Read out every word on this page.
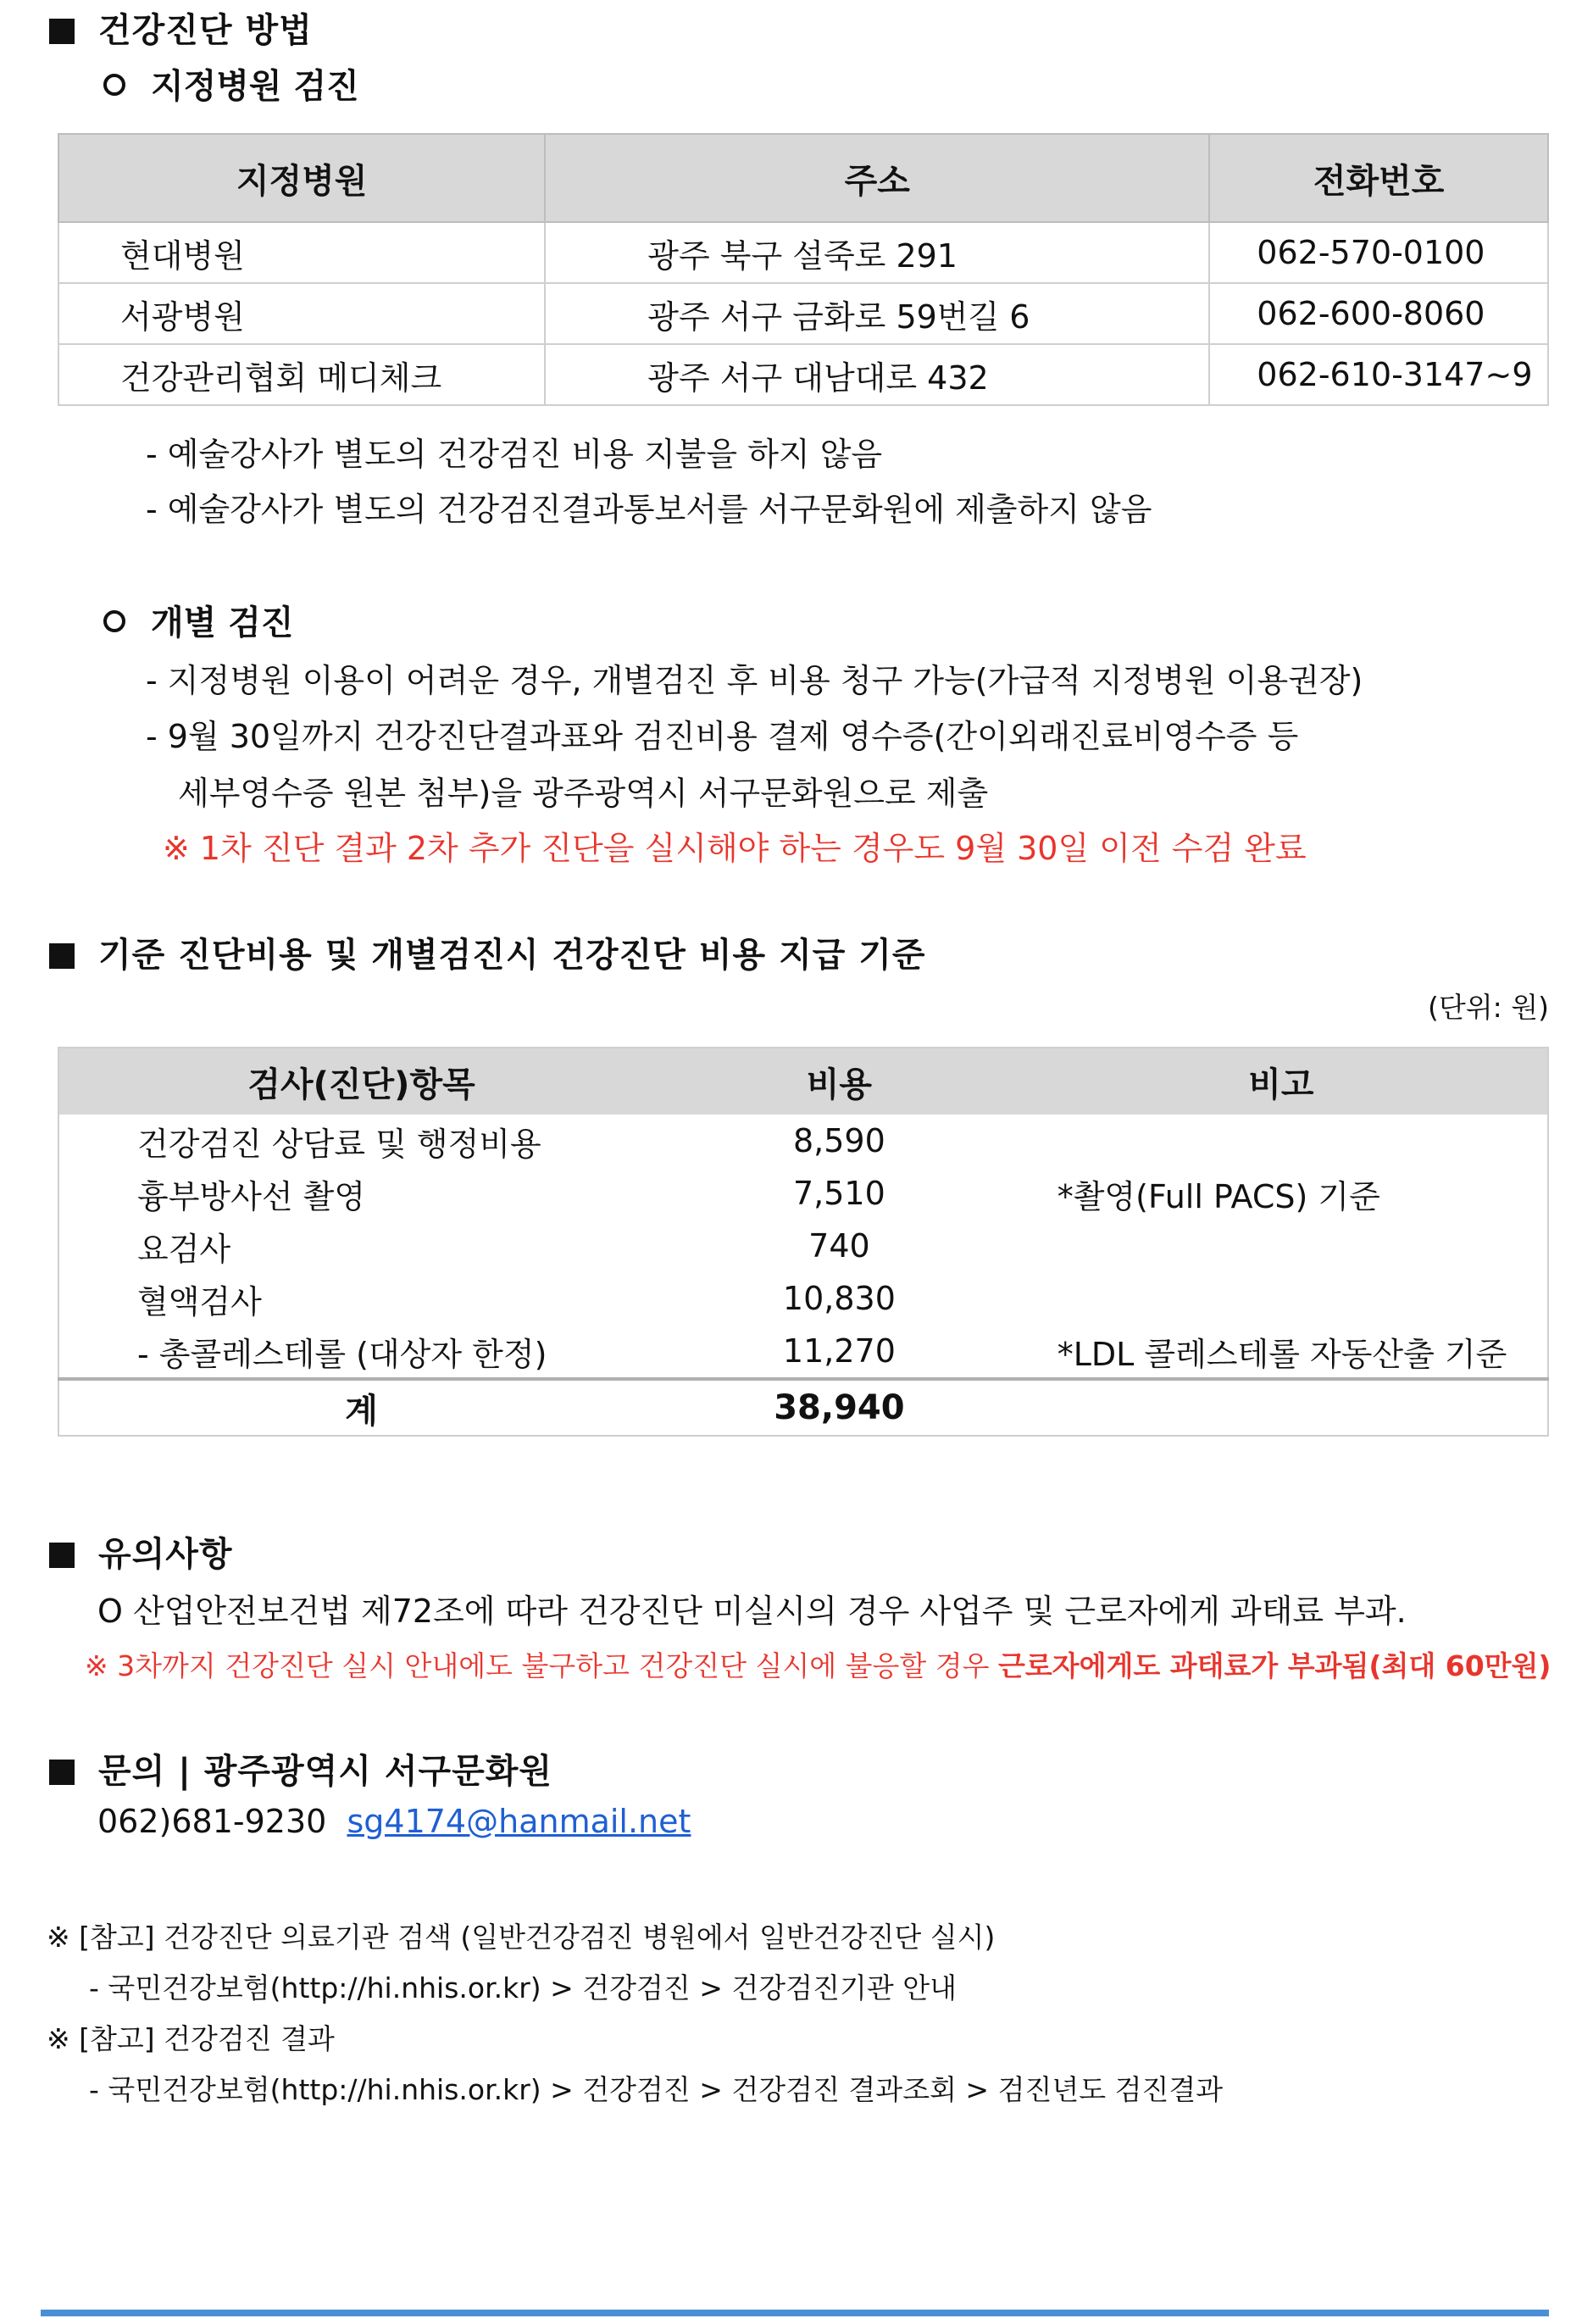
건강진단 방법
지정병원 검진
지정병원	주소	전화번호
현대병원	광주 북구 설죽로 291	062-570-0100
서광병원	광주 서구 금화로 59번길 6	062-600-8060
건강관리협회 메디체크	광주 서구 대남대로 432	062-610-3147~9
- 예술강사가 별도의 건강검진 비용 지불을 하지 않음
- 예술강사가 별도의 건강검진결과통보서를 서구문화원에 제출하지 않음
개별 검진
- 지정병원 이용이 어려운 경우, 개별검진 후 비용 청구 가능(가급적 지정병원 이용권장)
- 9월 30일까지 건강진단결과표와 검진비용 결제 영수증(간이외래진료비영수증 등
세부영수증 원본 첨부)을 광주광역시 서구문화원으로 제출
※ 1차 진단 결과 2차 추가 진단을 실시해야 하는 경우도 9월 30일 이전 수검 완료
기준 진단비용 및 개별검진시 건강진단 비용 지급 기준
(단위: 원)
검사(진단)항목	비용	비고
건강검진 상담료 및 행정비용	8,590	
흉부방사선 촬영	7,510	*촬영(Full PACS) 기준
요검사	740	
혈액검사	10,830	
- 총콜레스테롤 (대상자 한정)	11,270	*LDL 콜레스테롤 자동산출 기준
계	38,940	
유의사항
O 산업안전보건법 제72조에 따라 건강진단 미실시의 경우 사업주 및 근로자에게 과태료 부과.
※ 3차까지 건강진단 실시 안내에도 불구하고 건강진단 실시에 불응할 경우 근로자에게도 과태료가 부과됨(최대 60만원)
문의 | 광주광역시 서구문화원
062)681-9230 sg4174@hanmail.net
※ [참고] 건강진단 의료기관 검색 (일반건강검진 병원에서 일반건강진단 실시)
- 국민건강보험(http://hi.nhis.or.kr) > 건강검진 > 건강검진기관 안내
※ [참고] 건강검진 결과
- 국민건강보험(http://hi.nhis.or.kr) > 건강검진 > 건강검진 결과조회 > 검진년도 검진결과
